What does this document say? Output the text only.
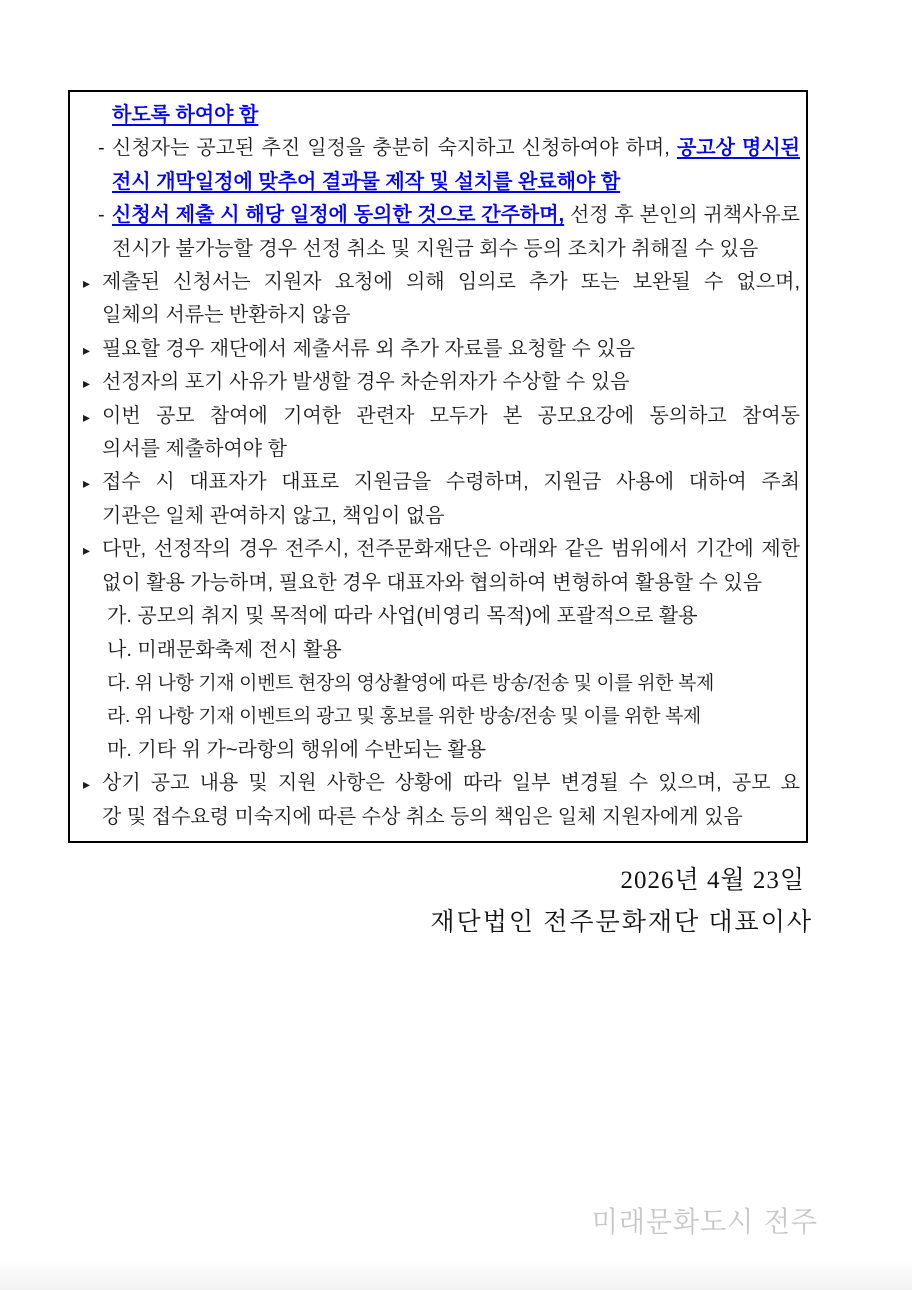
하도록 하여야 함
- 신청자는 공고된 추진 일정을 충분히 숙지하고 신청하여야 하며, 공고상 명시된
전시 개막일정에 맞추어 결과물 제작 및 설치를 완료해야 함
- 신청서 제출 시 해당 일정에 동의한 것으로 간주하며, 선정 후 본인의 귀책사유로
전시가 불가능할 경우 선정 취소 및 지원금 회수 등의 조치가 취해질 수 있음
▸ 제출된 신청서는 지원자 요청에 의해 임의로 추가 또는 보완될 수 없으며,
일체의 서류는 반환하지 않음
▸ 필요할 경우 재단에서 제출서류 외 추가 자료를 요청할 수 있음
▸ 선정자의 포기 사유가 발생할 경우 차순위자가 수상할 수 있음
▸ 이번 공모 참여에 기여한 관련자 모두가 본 공모요강에 동의하고 참여동
의서를 제출하여야 함
▸ 접수 시 대표자가 대표로 지원금을 수령하며, 지원금 사용에 대하여 주최
기관은 일체 관여하지 않고, 책임이 없음
▸ 다만, 선정작의 경우 전주시, 전주문화재단은 아래와 같은 범위에서 기간에 제한
없이 활용 가능하며, 필요한 경우 대표자와 협의하여 변형하여 활용할 수 있음
가. 공모의 취지 및 목적에 따라 사업(비영리 목적)에 포괄적으로 활용
나. 미래문화축제 전시 활용
다. 위 나항 기재 이벤트 현장의 영상촬영에 따른 방송/전송 및 이를 위한 복제
라. 위 나항 기재 이벤트의 광고 및 홍보를 위한 방송/전송 및 이를 위한 복제
마. 기타 위 가~라항의 행위에 수반되는 활용
▸ 상기 공고 내용 및 지원 사항은 상황에 따라 일부 변경될 수 있으며, 공모 요
강 및 접수요령 미숙지에 따른 수상 취소 등의 책임은 일체 지원자에게 있음
2026년 4월 23일
재단법인 전주문화재단 대표이사
미래문화도시 전주
